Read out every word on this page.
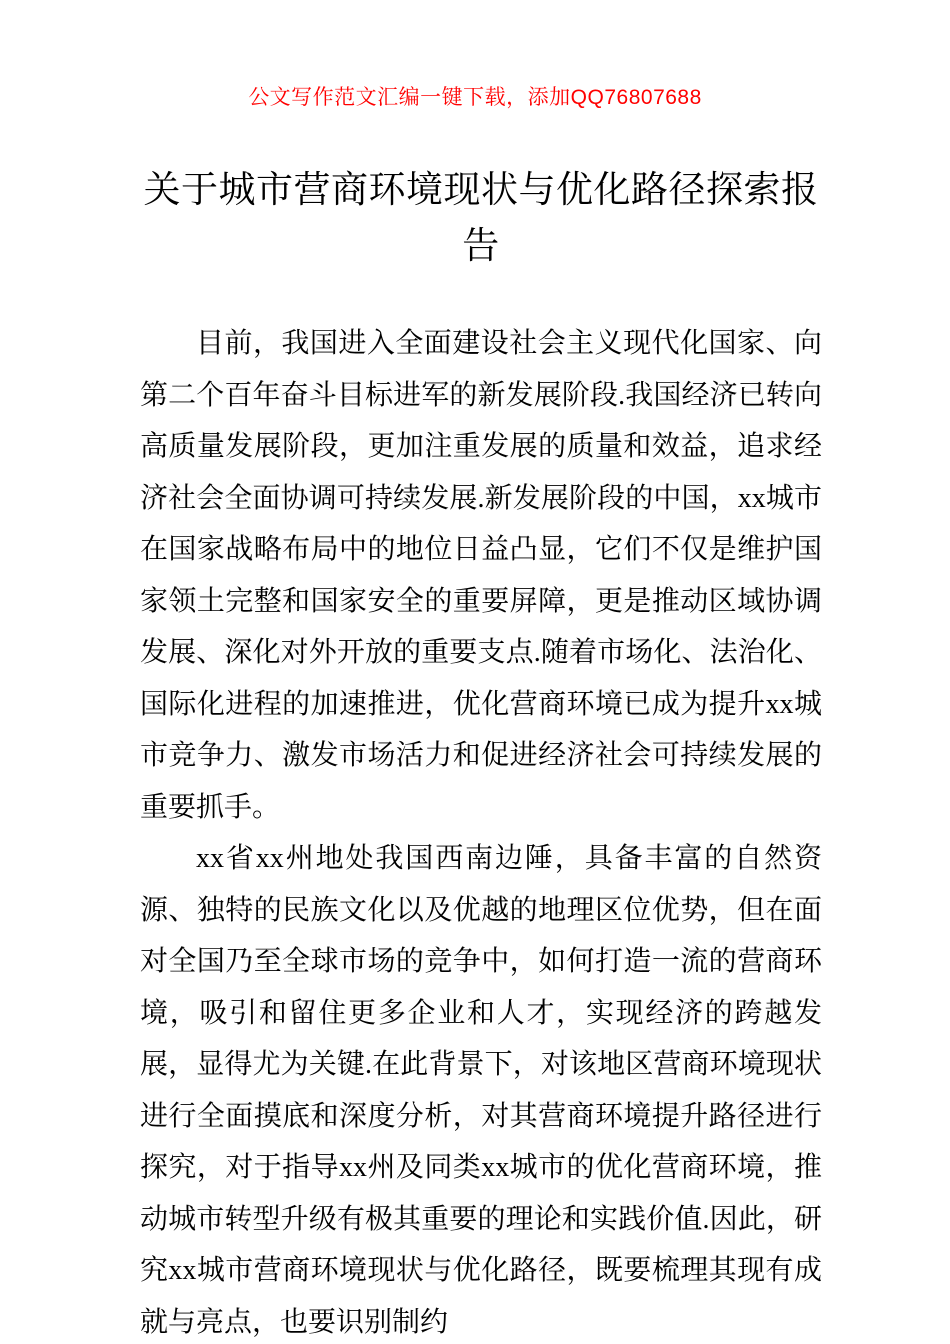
公文写作范文汇编一键下载，添加QQ76807688
关于城市营商环境现状与优化路径探索报告

目前，我国进入全面建设社会主义现代化国家、向第二个百年奋斗目标进军的新发展阶段.我国经济已转向高质量发展阶段，更加注重发展的质量和效益，追求经济社会全面协调可持续发展.新发展阶段的中国，xx城市在国家战略布局中的地位日益凸显，它们不仅是维护国家领土完整和国家安全的重要屏障，更是推动区域协调发展、深化对外开放的重要支点.随着市场化、法治化、国际化进程的加速推进，优化营商环境已成为提升xx城市竞争力、激发市场活力和促进经济社会可持续发展的重要抓手。

xx省xx州地处我国西南边陲，具备丰富的自然资源、独特的民族文化以及优越的地理区位优势，但在面对全国乃至全球市场的竞争中，如何打造一流的营商环境，吸引和留住更多企业和人才，实现经济的跨越发展，显得尤为关键.在此背景下，对该地区营商环境现状进行全面摸底和深度分析，对其营商环境提升路径进行探究，对于指导xx州及同类xx城市的优化营商环境，推动城市转型升级有极其重要的理论和实践价值.因此，研究xx城市营商环境现状与优化路径，既要梳理其现有成就与亮点，也要识别制约
